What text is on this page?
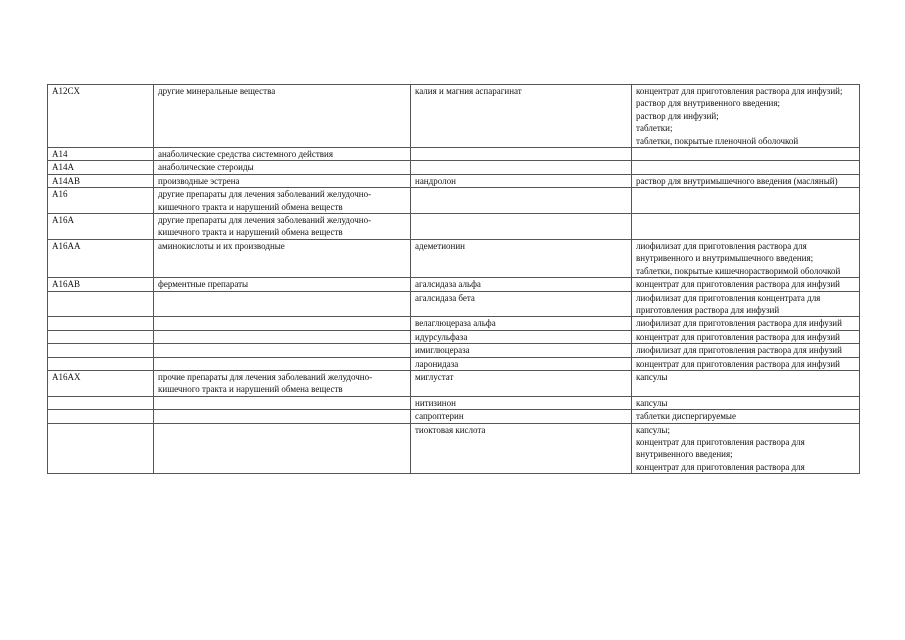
A12CX	другие минеральные вещества	калия и магния аспарагинат	концентрат для приготовления раствора для инфузий;
раствор для внутривенного введения;
раствор для инфузий;
таблетки;
таблетки, покрытые пленочной оболочкой
A14	анаболические средства системного действия		
A14A	анаболические стероиды		
A14AB	производные эстрена	нандролон	раствор для внутримышечного введения (масляный)
A16	другие препараты для лечения заболеваний желудочно-кишечного тракта и нарушений обмена веществ		
A16A	другие препараты для лечения заболеваний желудочно-кишечного тракта и нарушений обмена веществ		
A16AA	аминокислоты и их производные	адеметионин	лиофилизат для приготовления раствора для внутривенного и внутримышечного введения;
таблетки, покрытые кишечнорастворимой оболочкой
A16AB	ферментные препараты	агалсидаза альфа	концентрат для приготовления раствора для инфузий
		агалсидаза бета	лиофилизат для приготовления концентрата для приготовления раствора для инфузий
		велаглюцераза альфа	лиофилизат для приготовления раствора для инфузий
		идурсульфаза	концентрат для приготовления раствора для инфузий
		имиглюцераза	лиофилизат для приготовления раствора для инфузий
		ларонидаза	концентрат для приготовления раствора для инфузий
A16AX	прочие препараты для лечения заболеваний желудочно-кишечного тракта и нарушений обмена веществ	миглустат	капсулы
		нитизинон	капсулы
		сапроптерин	таблетки диспергируемые
		тиоктовая кислота	капсулы;
концентрат для приготовления раствора для внутривенного введения;
концентрат для приготовления раствора для
